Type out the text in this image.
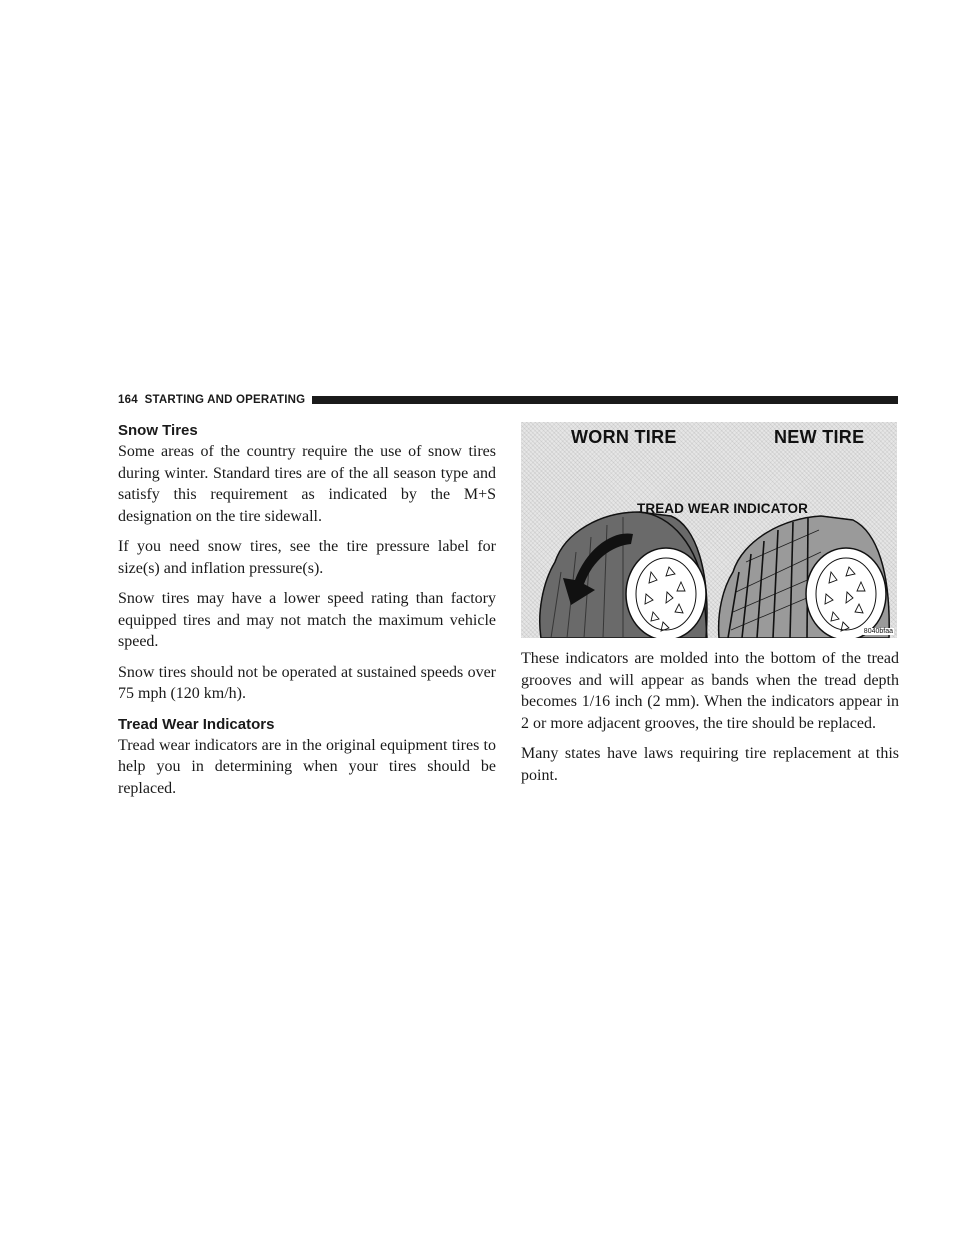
164 STARTING AND OPERATING
Snow Tires

Some areas of the country require the use of snow tires during winter. Standard tires are of the all season type and satisfy this requirement as indicated by the M+S designation on the tire sidewall.

If you need snow tires, see the tire pressure label for size(s) and inflation pressure(s).

Snow tires may have a lower speed rating than factory equipped tires and may not match the maximum vehicle speed.

Snow tires should not be operated at sustained speeds over 75 mph (120 km/h).

Tread Wear Indicators

Tread wear indicators are in the original equipment tires to help you in determining when your tires should be replaced.

WORN TIRE	NEW TIRE
TREAD WEAR INDICATOR
8040bfaa

These indicators are molded into the bottom of the tread grooves and will appear as bands when the tread depth becomes 1/16 inch (2 mm). When the indicators appear in 2 or more adjacent grooves, the tire should be replaced.

Many states have laws requiring tire replacement at this point.
